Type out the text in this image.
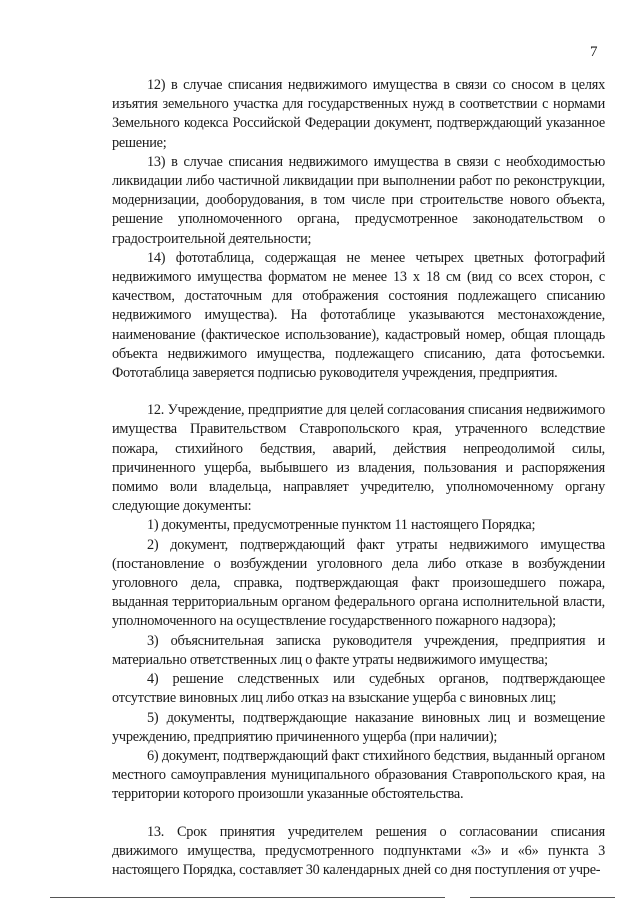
7

12) в случае списания недвижимого имущества в связи со сносом в целях изъятия земельного участка для государственных нужд в соответствии с нормами Земельного кодекса Российской Федерации документ, подтверждающий указанное решение;

13) в случае списания недвижимого имущества в связи с необходимостью ликвидации либо частичной ликвидации при выполнении работ по реконструкции, модернизации, дооборудования, в том числе при строительстве нового объекта, решение уполномоченного органа, предусмотренное законодательством о градостроительной деятельности;

14) фототаблица, содержащая не менее четырех цветных фотографий недвижимого имущества форматом не менее 13 х 18 см (вид со всех сторон, с качеством, достаточным для отображения состояния подлежащего списанию недвижимого имущества). На фототаблице указываются местонахождение, наименование (фактическое использование), кадастровый номер, общая площадь объекта недвижимого имущества, подлежащего списанию, дата фотосъемки. Фототаблица заверяется подписью руководителя учреждения, предприятия.

12. Учреждение, предприятие для целей согласования списания недвижимого имущества Правительством Ставропольского края, утраченного вследствие пожара, стихийного бедствия, аварий, действия непреодолимой силы, причиненного ущерба, выбывшего из владения, пользования и распоряжения помимо воли владельца, направляет учредителю, уполномоченному органу следующие документы:

1) документы, предусмотренные пунктом 11 настоящего Порядка;

2) документ, подтверждающий факт утраты недвижимого имущества (постановление о возбуждении уголовного дела либо отказе в возбуждении уголовного дела, справка, подтверждающая факт произошедшего пожара, выданная территориальным органом федерального органа исполнительной власти, уполномоченного на осуществление государственного пожарного надзора);

3) объяснительная записка руководителя учреждения, предприятия и материально ответственных лиц о факте утраты недвижимого имущества;

4) решение следственных или судебных органов, подтверждающее отсутствие виновных лиц либо отказ на взыскание ущерба с виновных лиц;

5) документы, подтверждающие наказание виновных лиц и возмещение учреждению, предприятию причиненного ущерба (при наличии);

6) документ, подтверждающий факт стихийного бедствия, выданный органом местного самоуправления муниципального образования Ставропольского края, на территории которого произошли указанные обстоятельства.

13. Срок принятия учредителем решения о согласовании списания движимого имущества, предусмотренного подпунктами «3» и «6» пункта 3 настоящего Порядка, составляет 30 календарных дней со дня поступления от учре-
